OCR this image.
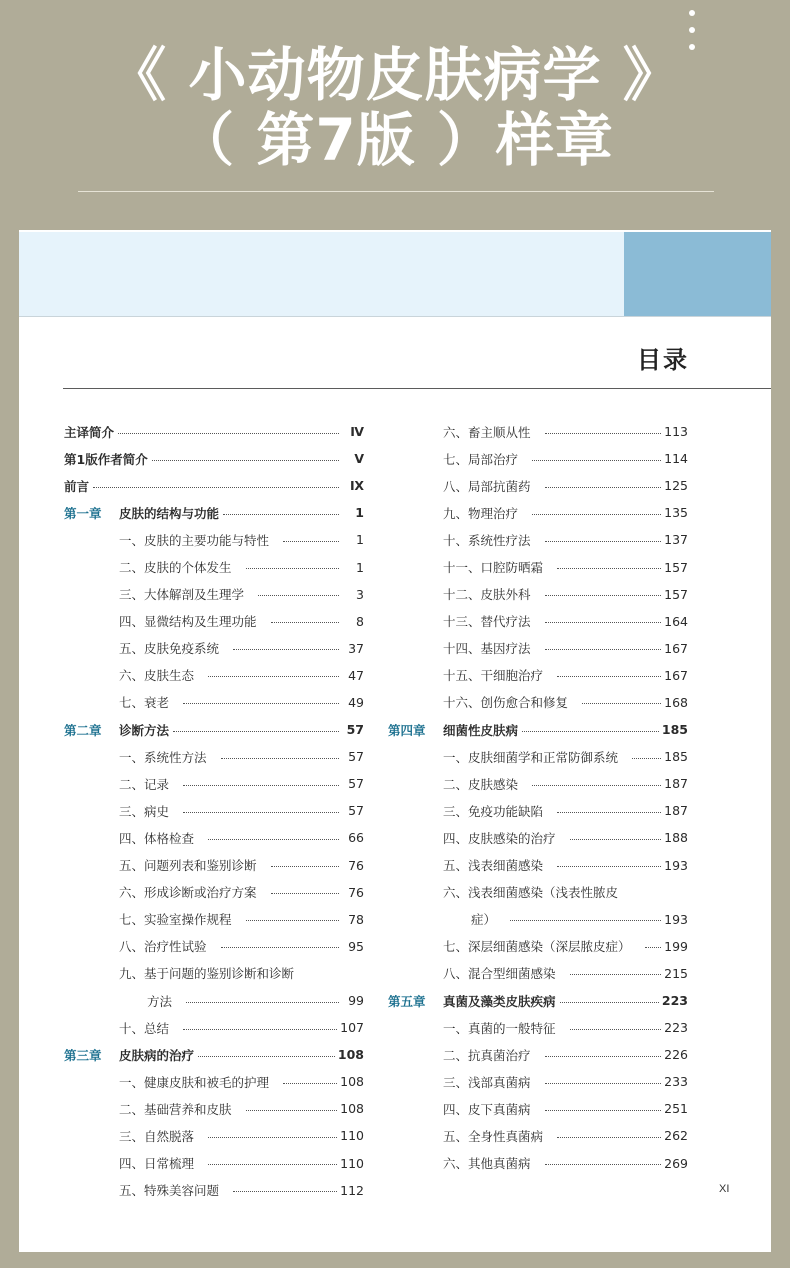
《 小动物皮肤病学 》
（ 第7版 ）样章
目录
主译简介	Ⅳ
第1版作者简介	V
前言	Ⅸ
第一章	皮肤的结构与功能	1
一、皮肤的主要功能与特性	1
二、皮肤的个体发生	1
三、大体解剖及生理学	3
四、显微结构及生理功能	8
五、皮肤免疫系统	37
六、皮肤生态	47
七、衰老	49
第二章	诊断方法	57
一、系统性方法	57
二、记录	57
三、病史	57
四、体格检查	66
五、问题列表和鉴别诊断	76
六、形成诊断或治疗方案	76
七、实验室操作规程	78
八、治疗性试验	95
九、基于问题的鉴别诊断和诊断
方法	99
十、总结	107
第三章	皮肤病的治疗	108
一、健康皮肤和被毛的护理	108
二、基础营养和皮肤	108
三、自然脱落	110
四、日常梳理	110
五、特殊美容问题	112
六、畜主顺从性	113
七、局部治疗	114
八、局部抗菌药	125
九、物理治疗	135
十、系统性疗法	137
十一、口腔防晒霜	157
十二、皮肤外科	157
十三、替代疗法	164
十四、基因疗法	167
十五、干细胞治疗	167
十六、创伤愈合和修复	168
第四章	细菌性皮肤病	185
一、皮肤细菌学和正常防御系统	185
二、皮肤感染	187
三、免疫功能缺陷	187
四、皮肤感染的治疗	188
五、浅表细菌感染	193
六、浅表细菌感染（浅表性脓皮
症）	193
七、深层细菌感染（深层脓皮症）	199
八、混合型细菌感染	215
第五章	真菌及藻类皮肤疾病	223
一、真菌的一般特征	223
二、抗真菌治疗	226
三、浅部真菌病	233
四、皮下真菌病	251
五、全身性真菌病	262
六、其他真菌病	269
XI
